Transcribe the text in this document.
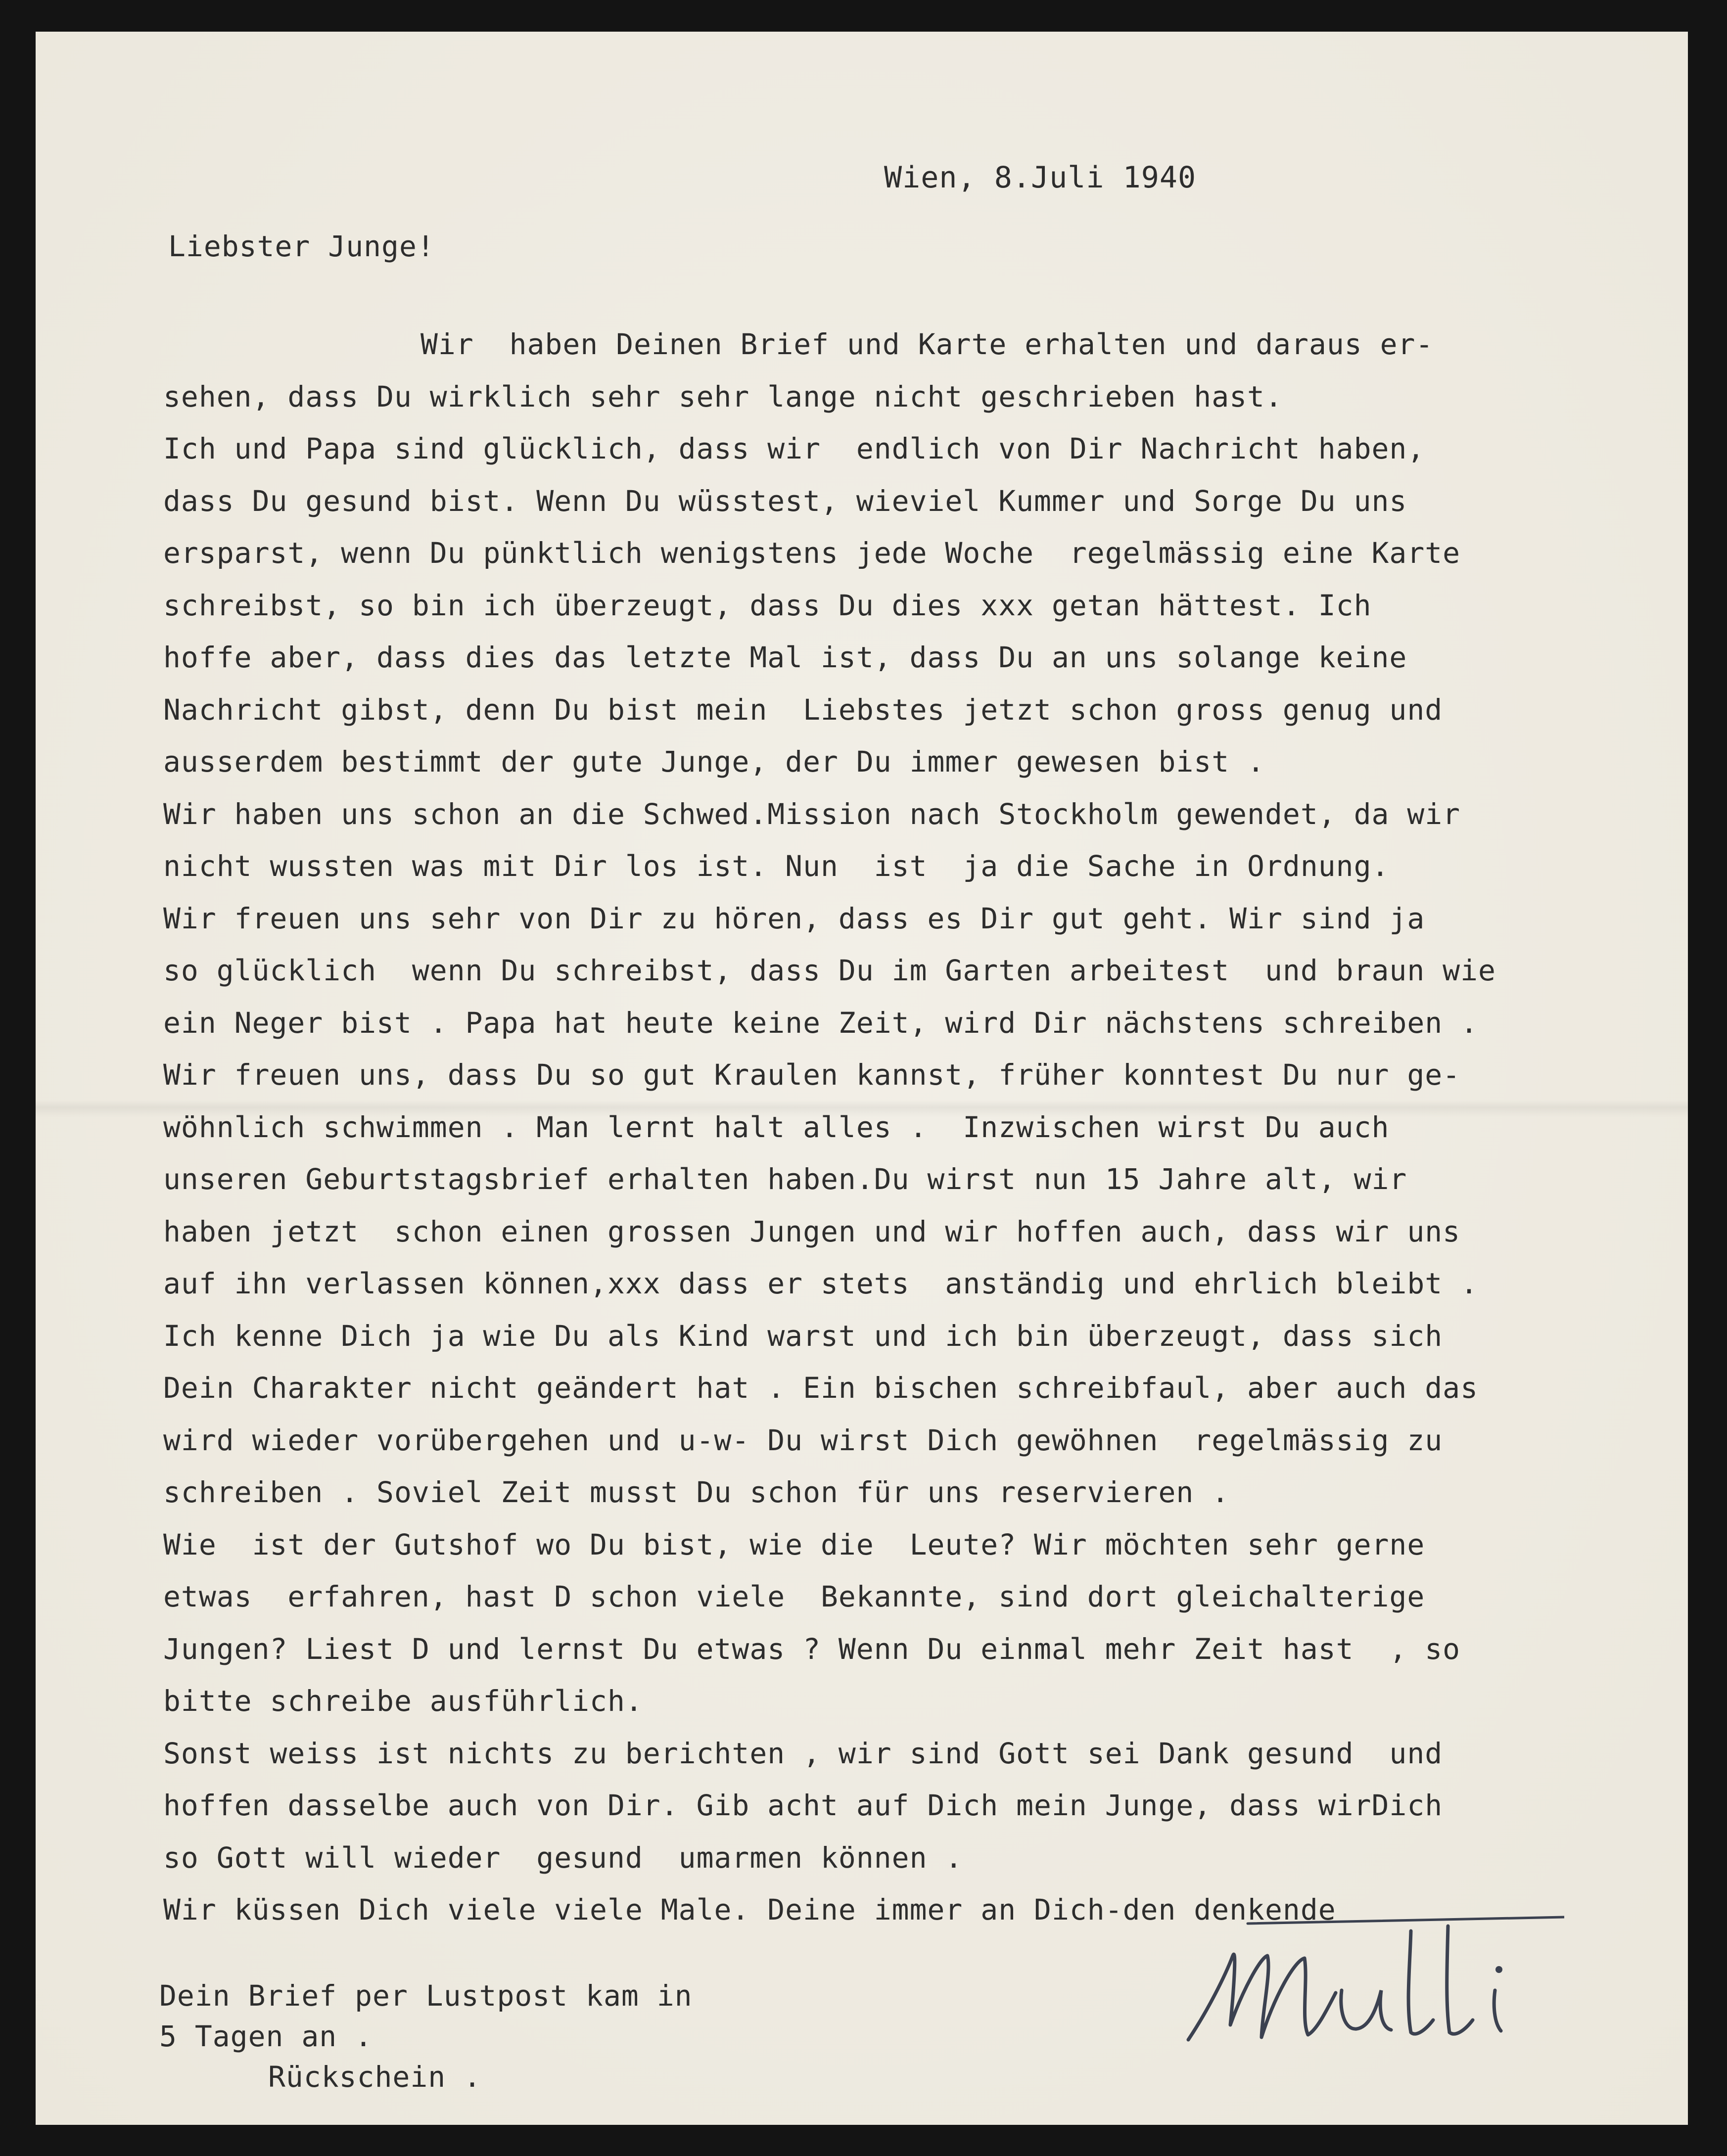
Wien, 8.Juli 1940
Liebster Junge!
Wir  haben Deinen Brief und Karte erhalten und daraus er-
sehen, dass Du wirklich sehr sehr lange nicht geschrieben hast.
Ich und Papa sind glücklich, dass wir  endlich von Dir Nachricht haben,
dass Du gesund bist. Wenn Du wüsstest, wieviel Kummer und Sorge Du uns
ersparst, wenn Du pünktlich wenigstens jede Woche  regelmässig eine Karte
schreibst, so bin ich überzeugt, dass Du dies xxx getan hättest. Ich
hoffe aber, dass dies das letzte Mal ist, dass Du an uns solange keine
Nachricht gibst, denn Du bist mein  Liebstes jetzt schon gross genug und
ausserdem bestimmt der gute Junge, der Du immer gewesen bist .
Wir haben uns schon an die Schwed.Mission nach Stockholm gewendet, da wir
nicht wussten was mit Dir los ist. Nun  ist  ja die Sache in Ordnung.
Wir freuen uns sehr von Dir zu hören, dass es Dir gut geht. Wir sind ja
so glücklich  wenn Du schreibst, dass Du im Garten arbeitest  und braun wie
ein Neger bist . Papa hat heute keine Zeit, wird Dir nächstens schreiben .
Wir freuen uns, dass Du so gut Kraulen kannst, früher konntest Du nur ge-
wöhnlich schwimmen . Man lernt halt alles .  Inzwischen wirst Du auch
unseren Geburtstagsbrief erhalten haben.Du wirst nun 15 Jahre alt, wir
haben jetzt  schon einen grossen Jungen und wir hoffen auch, dass wir uns
auf ihn verlassen können,xxx dass er stets  anständig und ehrlich bleibt .
Ich kenne Dich ja wie Du als Kind warst und ich bin überzeugt, dass sich
Dein Charakter nicht geändert hat . Ein bischen schreibfaul, aber auch das
wird wieder vorübergehen und u-w- Du wirst Dich gewöhnen  regelmässig zu
schreiben . Soviel Zeit musst Du schon für uns reservieren .
Wie  ist der Gutshof wo Du bist, wie die  Leute? Wir möchten sehr gerne
etwas  erfahren, hast D schon viele  Bekannte, sind dort gleichalterige
Jungen? Liest D und lernst Du etwas ? Wenn Du einmal mehr Zeit hast  , so
bitte schreibe ausführlich.
Sonst weiss ist nichts zu berichten , wir sind Gott sei Dank gesund  und
hoffen dasselbe auch von Dir. Gib acht auf Dich mein Junge, dass wirDich
so Gott will wieder  gesund  umarmen können .
Wir küssen Dich viele viele Male. Deine immer an Dich-den denkende
Dein Brief per Lustpost kam in
5 Tagen an .
Rückschein .
